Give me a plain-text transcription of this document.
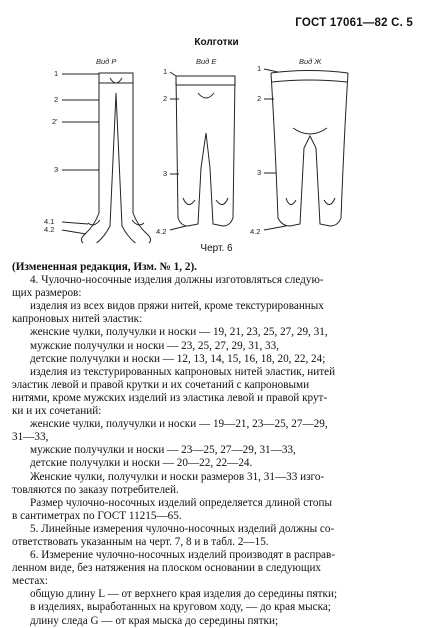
ГОСТ 17061—82 С. 5
Колготки
1
2
2'
3
4.1
4.2
1
2
3
4.2
1
2
3
4.2
Вид Р	Вид Е	Вид Ж
Черт. 6

(Измененная редакция, Изм. № 1, 2).

4. Чулочно-носочные изделия должны изготовляться следую-

щих размеров:

изделия из всех видов пряжи нитей, кроме текстурированных

капроновых нитей эластик:

женские чулки, получулки и носки — 19, 21, 23, 25, 27, 29, 31,

мужские получулки и носки — 23, 25, 27, 29, 31, 33,

детские получулки и носки — 12, 13, 14, 15, 16, 18, 20, 22, 24;

изделия из текстурированных капроновых нитей эластик, нитей

эластик левой и правой крутки и их сочетаний с капроновыми

нитями, кроме мужских изделий из эластика левой и правой крут-

ки и их сочетаний:

женские чулки, получулки и носки — 19—21, 23—25, 27—29,

31—33,

мужские получулки и носки — 23—25, 27—29, 31—33,

детские получулки и носки — 20—22, 22—24.

Женские чулки, получулки и носки размеров 31, 31—33 изго-

товляются по заказу потребителей.

Размер чулочно-носочных изделий определяется длиной стопы

в сантиметрах по ГОСТ 11215—65.

5. Линейные измерения чулочно-носочных изделий должны со-

ответствовать указанным на черт. 7, 8 и в табл. 2—15.

6. Измерение чулочно-носочных изделий производят в расправ-

ленном виде, без натяжения на плоском основании в следующих

местах:

общую длину L — от верхнего края изделия до середины пятки;

в изделиях, выработанных на круговом ходу, — до края мыска;

длину следа G — от края мыска до середины пятки;
